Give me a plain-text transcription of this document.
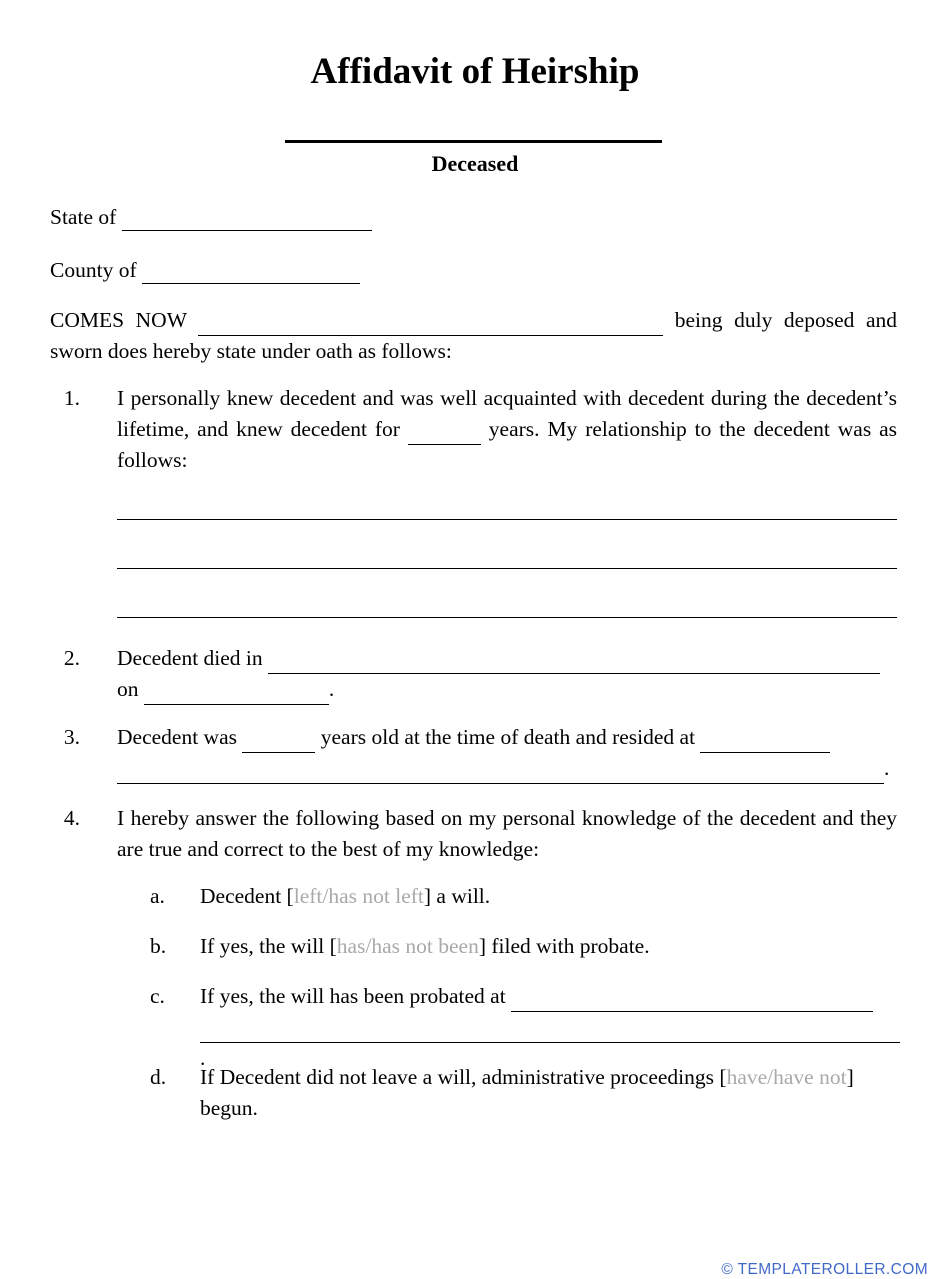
Affidavit of Heirship
Deceased
State of
County of
COMES NOW	being duly deposed and sworn does hereby state under oath as follows:
1. I personally knew decedent and was well acquainted with decedent during the decedent’s lifetime, and knew decedent for	years. My relationship to the decedent was as follows:
2. Decedent died in
on	.
3. Decedent was	years old at the time of death and resided at
.
4. I hereby answer the following based on my personal knowledge of the decedent and they are true and correct to the best of my knowledge:
a.	Decedent [left/has not left] a will.
b. If yes, the will [has/has not been] filed with probate.
c.	If yes, the will has been probated at
.
d. If Decedent did not leave a will, administrative proceedings [have/have not] begun.
© TEMPLATEROLLER.COM
